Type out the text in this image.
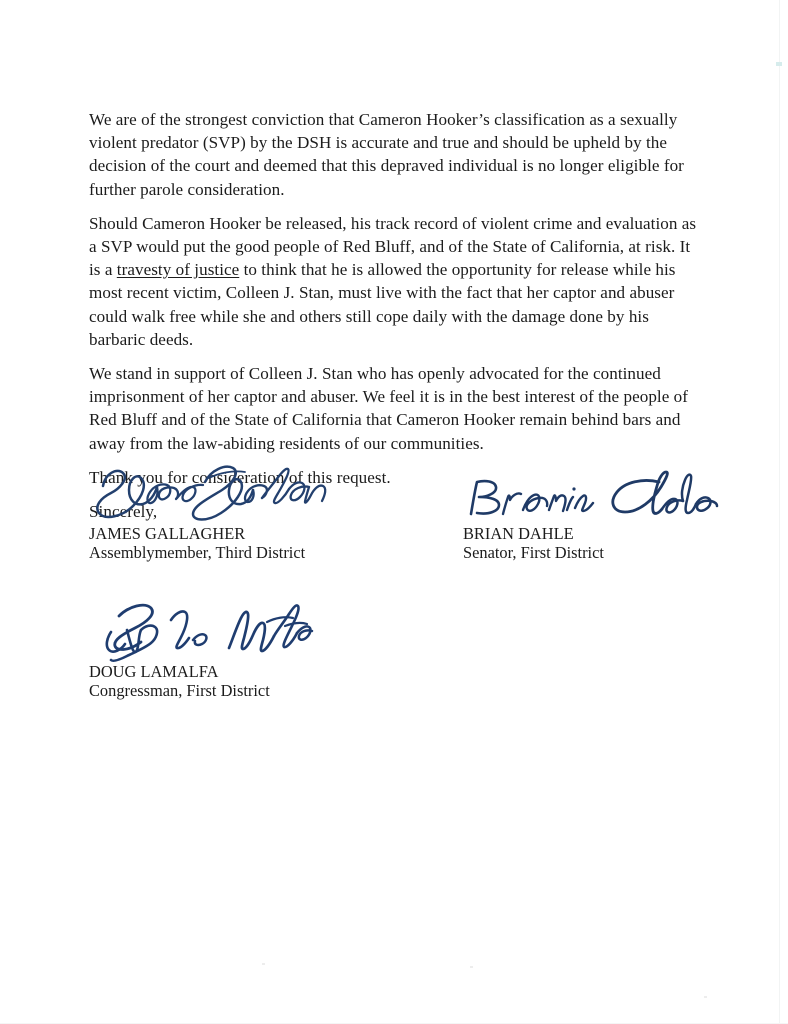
We are of the strongest conviction that Cameron Hooker’s classification as a sexually violent predator (SVP) by the DSH is accurate and true and should be upheld by the decision of the court and deemed that this depraved individual is no longer eligible for further parole consideration.

Should Cameron Hooker be released, his track record of violent crime and evaluation as a SVP would put the good people of Red Bluff, and of the State of California, at risk. It is a travesty of justice to think that he is allowed the opportunity for release while his most recent victim, Colleen J. Stan, must live with the fact that her captor and abuser could walk free while she and others still cope daily with the damage done by his barbaric deeds.

We stand in support of Colleen J. Stan who has openly advocated for the continued imprisonment of her captor and abuser. We feel it is in the best interest of the people of Red Bluff and of the State of California that Cameron Hooker remain behind bars and away from the law-abiding residents of our communities.

Thank you for consideration of this request.

Sincerely,

JAMES GALLAGHER
Assemblymember, Third District
BRIAN DAHLE
Senator, First District
DOUG LAMALFA
Congressman, First District
